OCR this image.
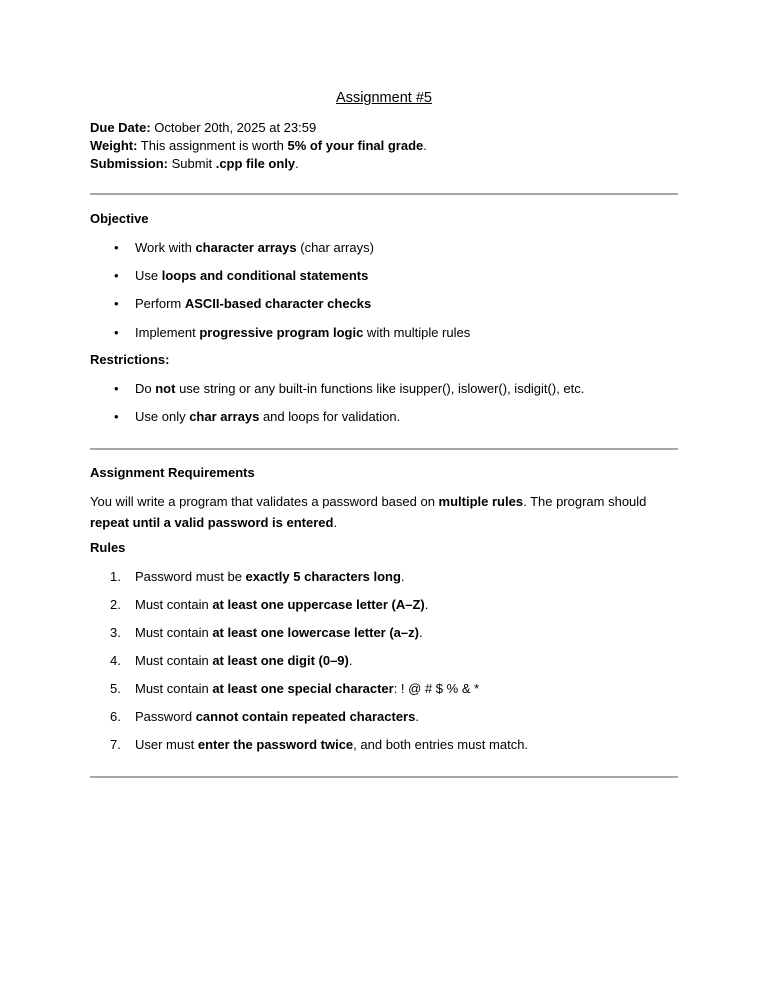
Assignment #5
Due Date: October 20th, 2025 at 23:59
Weight: This assignment is worth 5% of your final grade.
Submission: Submit .cpp file only.
Objective
• Work with character arrays (char arrays)
• Use loops and conditional statements
• Perform ASCII-based character checks
• Implement progressive program logic with multiple rules
Restrictions:
• Do not use string or any built-in functions like isupper(), islower(), isdigit(), etc.
• Use only char arrays and loops for validation.
Assignment Requirements
You will write a program that validates a password based on multiple rules. The program should repeat until a valid password is entered.
Rules
1. Password must be exactly 5 characters long.
2. Must contain at least one uppercase letter (A–Z).
3. Must contain at least one lowercase letter (a–z).
4. Must contain at least one digit (0–9).
5. Must contain at least one special character: ! @ # $ % & *
6. Password cannot contain repeated characters.
7. User must enter the password twice, and both entries must match.
